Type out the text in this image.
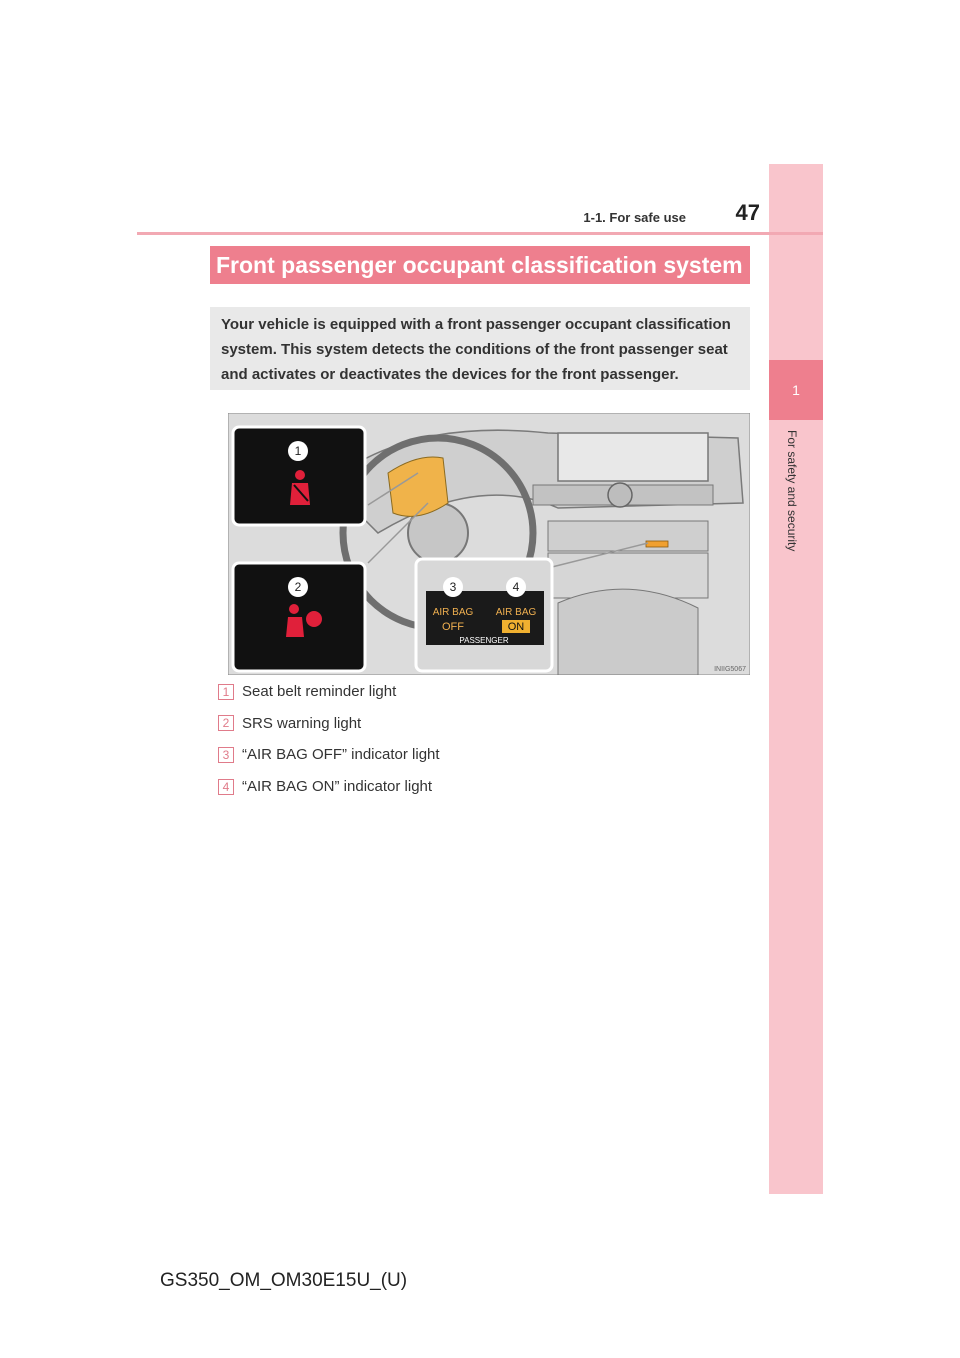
1
For safety and security
1-1. For safe use	47
Front passenger occupant classification system
Your vehicle is equipped with a front passenger occupant classification system. This system detects the conditions of the front passenger seat and activates or deactivates the devices for the front passenger.
1
2	3	4
AIR BAG
OFF
AIR BAG
ON
PASSENGER
INIIG5067
1 Seat belt reminder light
2 SRS warning light
3 “AIR BAG OFF” indicator light
4 “AIR BAG ON” indicator light
GS350_OM_OM30E15U_(U)
